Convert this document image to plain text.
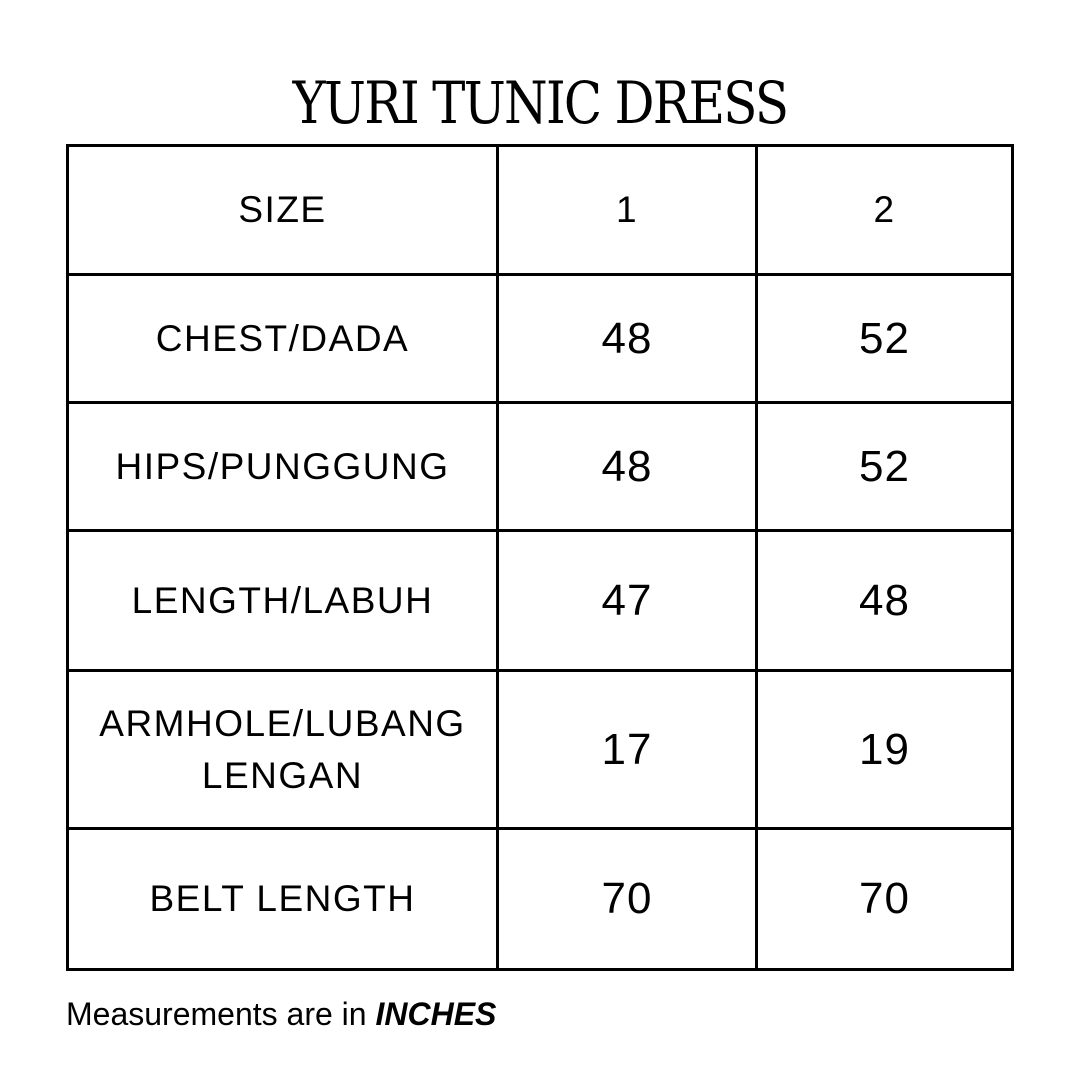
YURI TUNIC DRESS
SIZE	1	2
CHEST/DADA	48	52
HIPS/PUNGGUNG	48	52
LENGTH/LABUH	47	48
ARMHOLE/LUBANG LENGAN	17	19
BELT LENGTH	70	70
Measurements are in INCHES
